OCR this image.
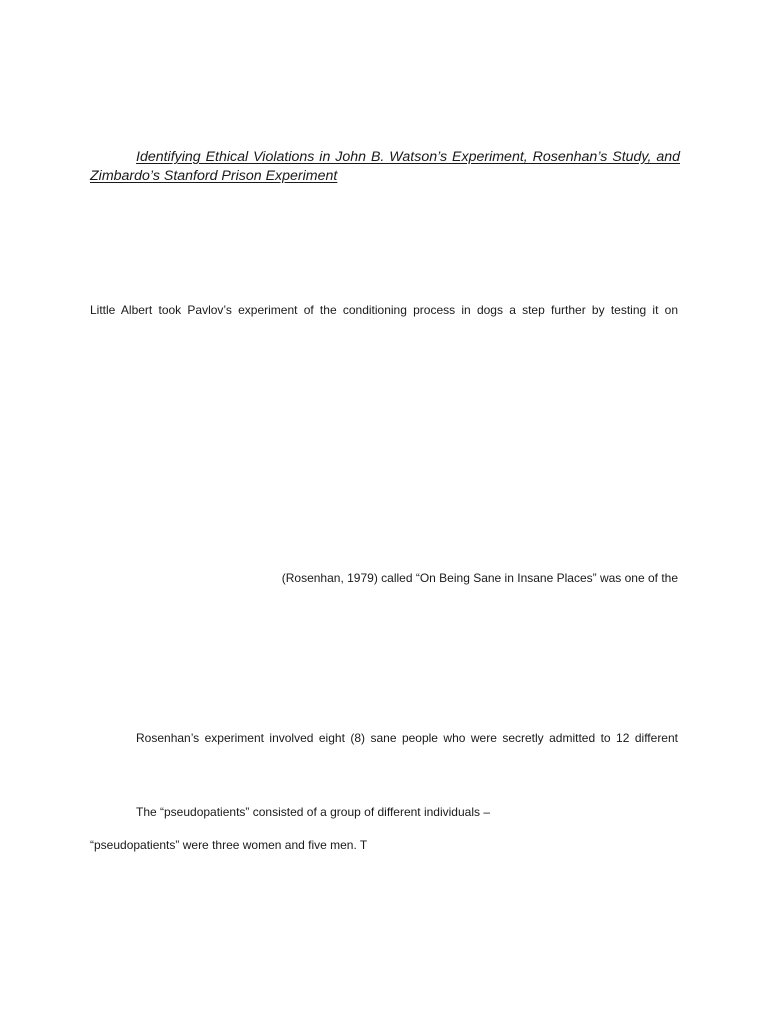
Identifying Ethical Violations in John B. Watson’s Experiment, Rosenhan’s Study, and Zimbardo’s Stanford Prison Experiment

Little Albert took Pavlov’s experiment of the conditioning process in dogs a step further by testing it on

(Rosenhan, 1979) called “On Being Sane in Insane Places” was one of the

Rosenhan’s experiment involved eight (8) sane people who were secretly admitted to 12 different

The “pseudopatients” consisted of a group of different individuals –

“pseudopatients” were three women and five men. T
